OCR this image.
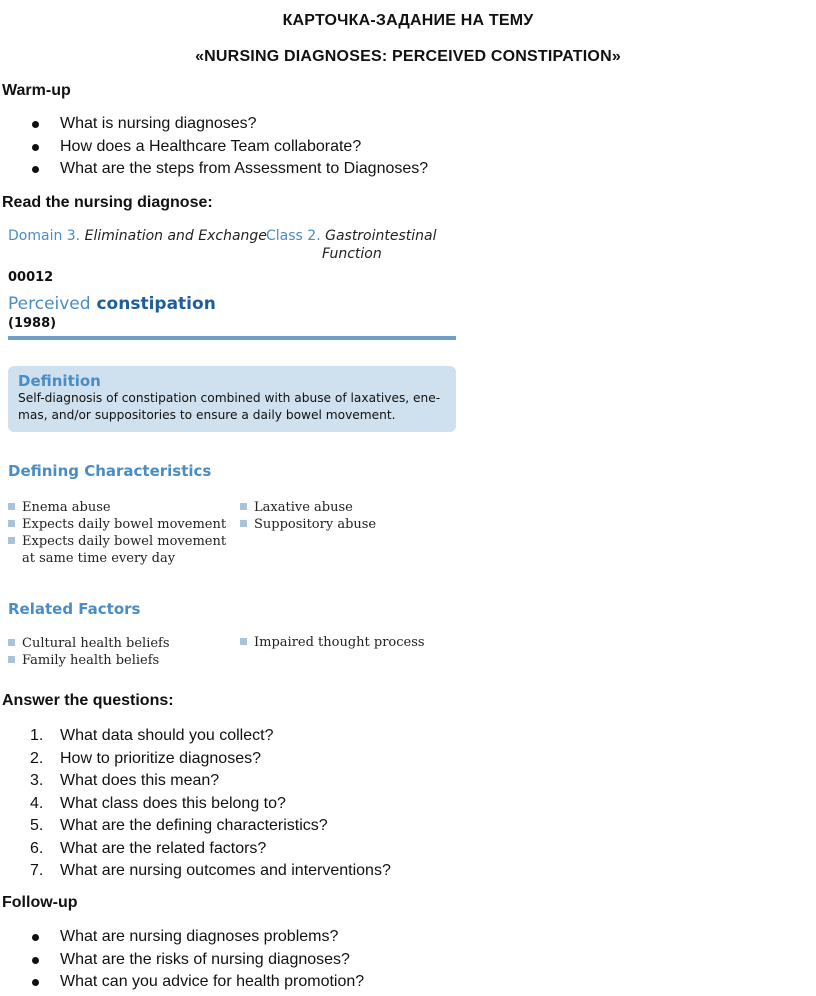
КАРТОЧКА-ЗАДАНИЕ НА ТЕМУ
«NURSING DIAGNOSES: PERCEIVED CONSTIPATION»
Warm-up
What is nursing diagnoses?
How does a Healthcare Team collaborate?
What are the steps from Assessment to Diagnoses?
Read the nursing diagnose:
Domain 3. Elimination and Exchange Class 2. Gastrointestinal
Function
00012
Perceived constipation
(1988)
Definition
Self-diagnosis of constipation combined with abuse of laxatives, ene-
mas, and/or suppositories to ensure a daily bowel movement.
Defining Characteristics
Enema abuse
Expects daily bowel movement
Expects daily bowel movement
at same time every day
Laxative abuse
Suppository abuse
Related Factors
Cultural health beliefs
Family health beliefs
Impaired thought process
Answer the questions:
1. What data should you collect?
2. How to prioritize diagnoses?
3. What does this mean?
4. What class does this belong to?
5. What are the defining characteristics?
6. What are the related factors?
7. What are nursing outcomes and interventions?
Follow-up
What are nursing diagnoses problems?
What are the risks of nursing diagnoses?
What can you advice for health promotion?
